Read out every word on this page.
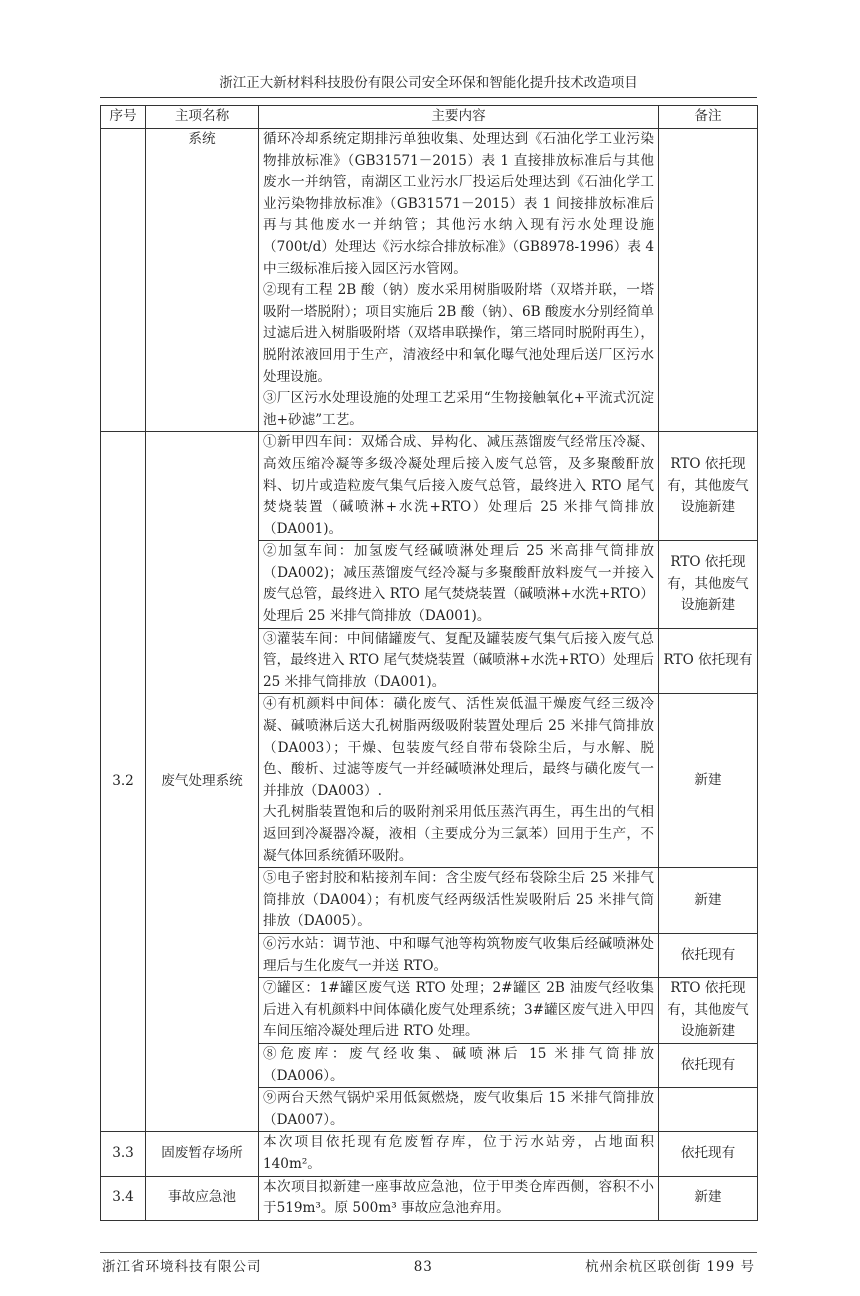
浙江正大新材料科技股份有限公司安全环保和智能化提升技术改造项目
序号	主项名称	主要内容	备注
	系统	循环冷却系统定期排污单独收集、处理达到《石油化学工业污染物排放标准》（GB31571－2015）表 1 直接排放标准后与其他废水一并纳管，南湖区工业污水厂投运后处理达到《石油化学工业污染物排放标准》（GB31571－2015）表 1 间接排放标准后再与其他废水一并纳管；其他污水纳入现有污水处理设施（700t/d）处理达《污水综合排放标准》（GB8978-1996）表 4 中三级标准后接入园区污水管网。

②现有工程 2B 酸（钠）废水采用树脂吸附塔（双塔并联，一塔吸附一塔脱附）；项目实施后 2B 酸（钠）、6B 酸废水分别经简单过滤后进入树脂吸附塔（双塔串联操作，第三塔同时脱附再生），脱附浓液回用于生产，清液经中和氧化曝气池处理后送厂区污水处理设施。

③厂区污水处理设施的处理工艺采用“生物接触氧化+平流式沉淀池+砂滤”工艺。	

3.2	废气处理系统	①新甲四车间：双烯合成、异构化、减压蒸馏废气经常压冷凝、高效压缩冷凝等多级冷凝处理后接入废气总管，及多聚酸酐放料、切片或造粒废气集气后接入废气总管，最终进入 RTO 尾气焚烧装置（碱喷淋+水洗+RTO）处理后 25 米排气筒排放（DA001)。	RTO 依托现有，其他废气设施新建
		②加氢车间：加氢废气经碱喷淋处理后 25 米高排气筒排放（DA002)；减压蒸馏废气经冷凝与多聚酸酐放料废气一并接入废气总管，最终进入 RTO 尾气焚烧装置（碱喷淋+水洗+RTO）处理后 25 米排气筒排放（DA001)。	RTO 依托现有，其他废气设施新建
		③灌装车间：中间储罐废气、复配及罐装废气集气后接入废气总管，最终进入 RTO 尾气焚烧装置（碱喷淋+水洗+RTO）处理后 25 米排气筒排放（DA001)。	RTO 依托现有

		④有机颜料中间体：磺化废气、活性炭低温干燥废气经三级冷凝、碱喷淋后送大孔树脂两级吸附装置处理后 25 米排气筒排放（DA003）；干燥、包装废气经自带布袋除尘后，与水解、脱色、酸析、过滤等废气一并经碱喷淋处理后，最终与磺化废气一并排放（DA003）.

大孔树脂装置饱和后的吸附剂采用低压蒸汽再生，再生出的气相返回到冷凝器冷凝，液相（主要成分为三氯苯）回用于生产，不凝气体回系统循环吸附。	新建
		⑤电子密封胶和粘接剂车间：含尘废气经布袋除尘后 25 米排气筒排放（DA004）；有机废气经两级活性炭吸附后 25 米排气筒排放（DA005）。	新建
		⑥污水站：调节池、中和曝气池等构筑物废气收集后经碱喷淋处理后与生化废气一并送 RTO。	依托现有
		⑦罐区：1#罐区废气送 RTO 处理；2#罐区 2B 油废气经收集后进入有机颜料中间体磺化废气处理系统；3#罐区废气进入甲四车间压缩冷凝处理后进 RTO 处理。	RTO 依托现有，其他废气设施新建
		⑧危废库：废气经收集、碱喷淋后 15 米排气筒排放（DA006）。	依托现有
		⑨两台天然气锅炉采用低氮燃烧，废气收集后 15 米排气筒排放（DA007）。	
3.3	固废暂存场所	本次项目依托现有危废暂存库，位于污水站旁，占地面积 140m²。	依托现有
3.4	事故应急池	本次项目拟新建一座事故应急池，位于甲类仓库西侧，容积不小于519m³。原 500m³ 事故应急池弃用。	新建
浙江省环境科技有限公司	83	杭州余杭区联创街 199 号
